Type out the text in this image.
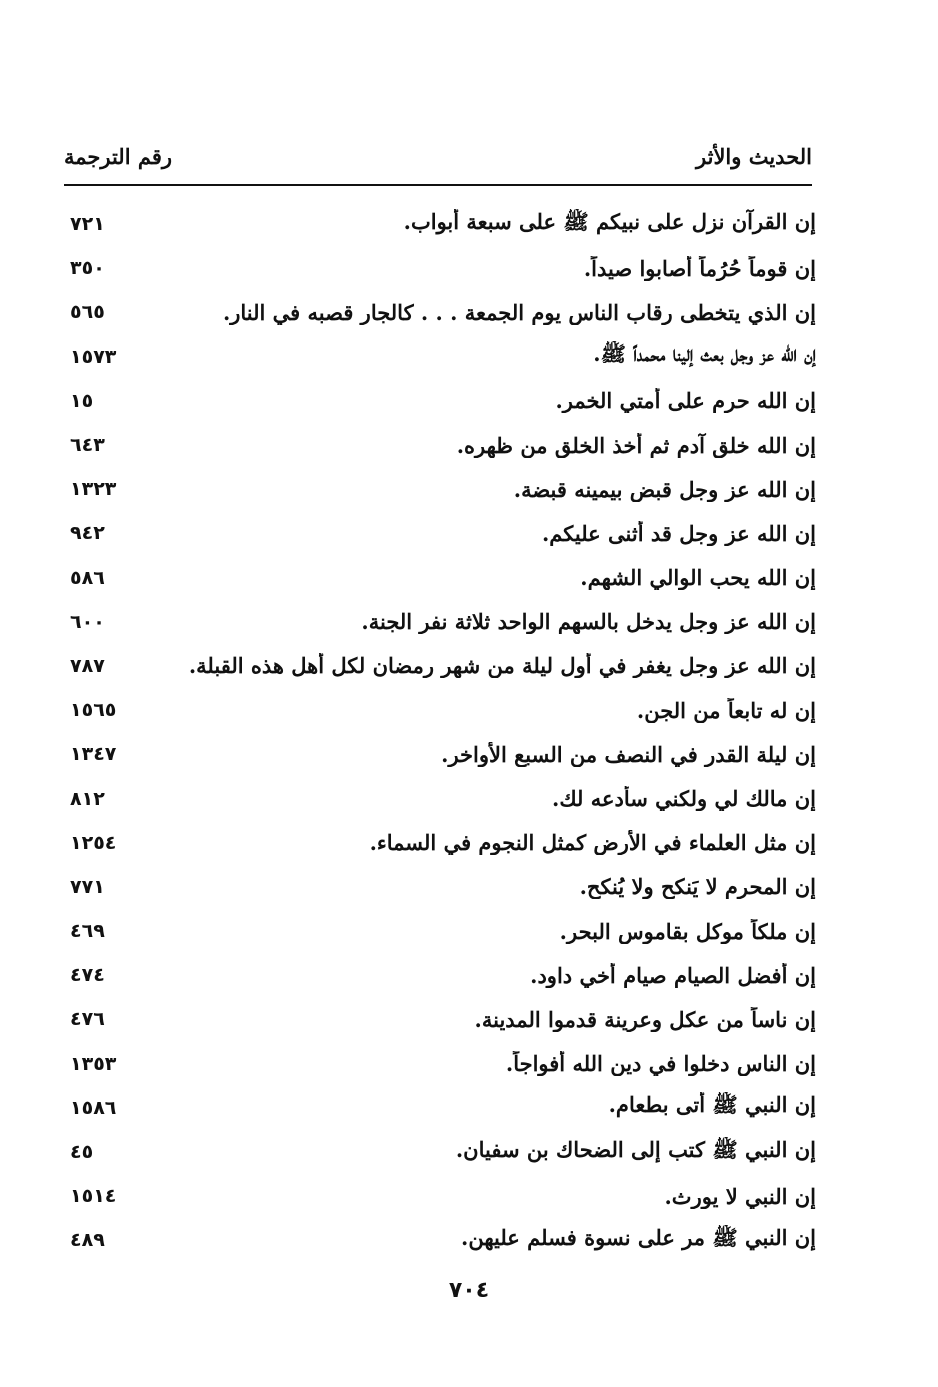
الحديث والأثر
رقم الترجمة
إن القرآن نزل على نبيكم ﷺ على سبعة أبواب.
٧٢١
إن قوماً حُرُماً أصابوا صيداً.
٣٥٠
إن الذي يتخطى رقاب الناس يوم الجمعة . . . كالجار قصبه في النار.
٥٦٥
إن الله عز وجل بعث إلينا محمداً ﷺ.
١٥٧٣
إن الله حرم على أمتي الخمر.
١٥
إن الله خلق آدم ثم أخذ الخلق من ظهره.
٦٤٣
إن الله عز وجل قبض بيمينه قبضة.
١٣٢٣
إن الله عز وجل قد أثنى عليكم.
٩٤٢
إن الله يحب الوالي الشهم.
٥٨٦
إن الله عز وجل يدخل بالسهم الواحد ثلاثة نفر الجنة.
٦٠٠
إن الله عز وجل يغفر في أول ليلة من شهر رمضان لكل أهل هذه القبلة.
٧٨٧
إن له تابعاً من الجن.
١٥٦٥
إن ليلة القدر في النصف من السبع الأواخر.
١٣٤٧
إن مالك لي ولكني سأدعه لك.
٨١٢
إن مثل العلماء في الأرض كمثل النجوم في السماء.
١٢٥٤
إن المحرم لا يَنكح ولا يُنكح.
٧٧١
إن ملكاً موكل بقاموس البحر.
٤٦٩
إن أفضل الصيام صيام أخي داود.
٤٧٤
إن ناساً من عكل وعرينة قدموا المدينة.
٤٧٦
إن الناس دخلوا في دين الله أفواجاً.
١٣٥٣
إن النبي ﷺ أتى بطعام.
١٥٨٦
إن النبي ﷺ كتب إلى الضحاك بن سفيان.
٤٥
إن النبي لا يورث.
١٥١٤
إن النبي ﷺ مر على نسوة فسلم عليهن.
٤٨٩
٧٠٤
